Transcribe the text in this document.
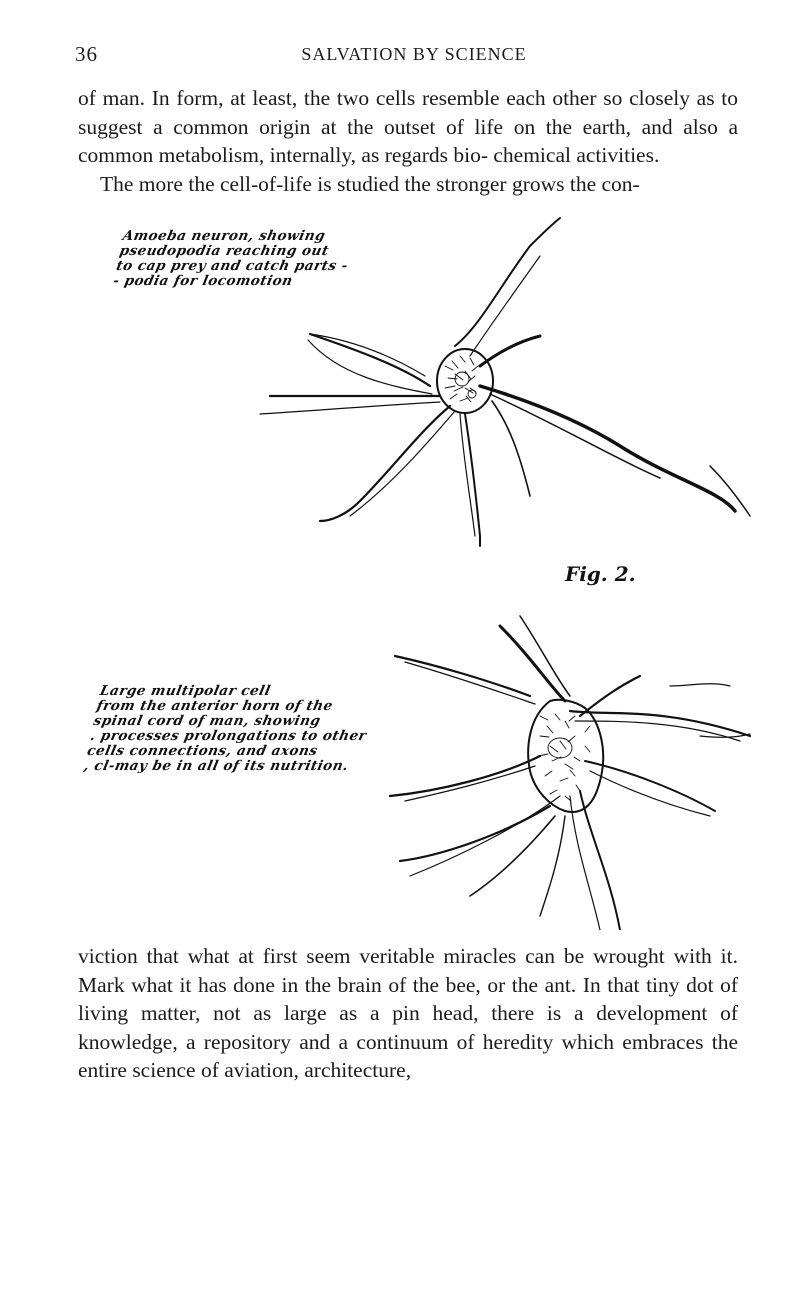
36	SALVATION BY SCIENCE

of man. In form, at least, the two cells resemble each other so closely as to suggest a common origin at the outset of life on the earth, and also a common metabolism, internally, as regards bio- chemical activities.
The more the cell-of-life is studied the stronger grows the con-

Amoeba neuron, showing
pseudopodia reaching out
to cap prey and catch parts -
- podia for locomotion
Fig. 2.
Large multipolar cell
from the anterior horn of the
spinal cord of man, showing
. processes prolongations to other
cells connections, and axons
, cl-may be in all of its nutrition.

viction that what at first seem veritable miracles can be wrought with it. Mark what it has done in the brain of the bee, or the ant. In that tiny dot of living matter, not as large as a pin head, there is a development of knowledge, a repository and a continuum of heredity which embraces the entire science of aviation, architecture,
